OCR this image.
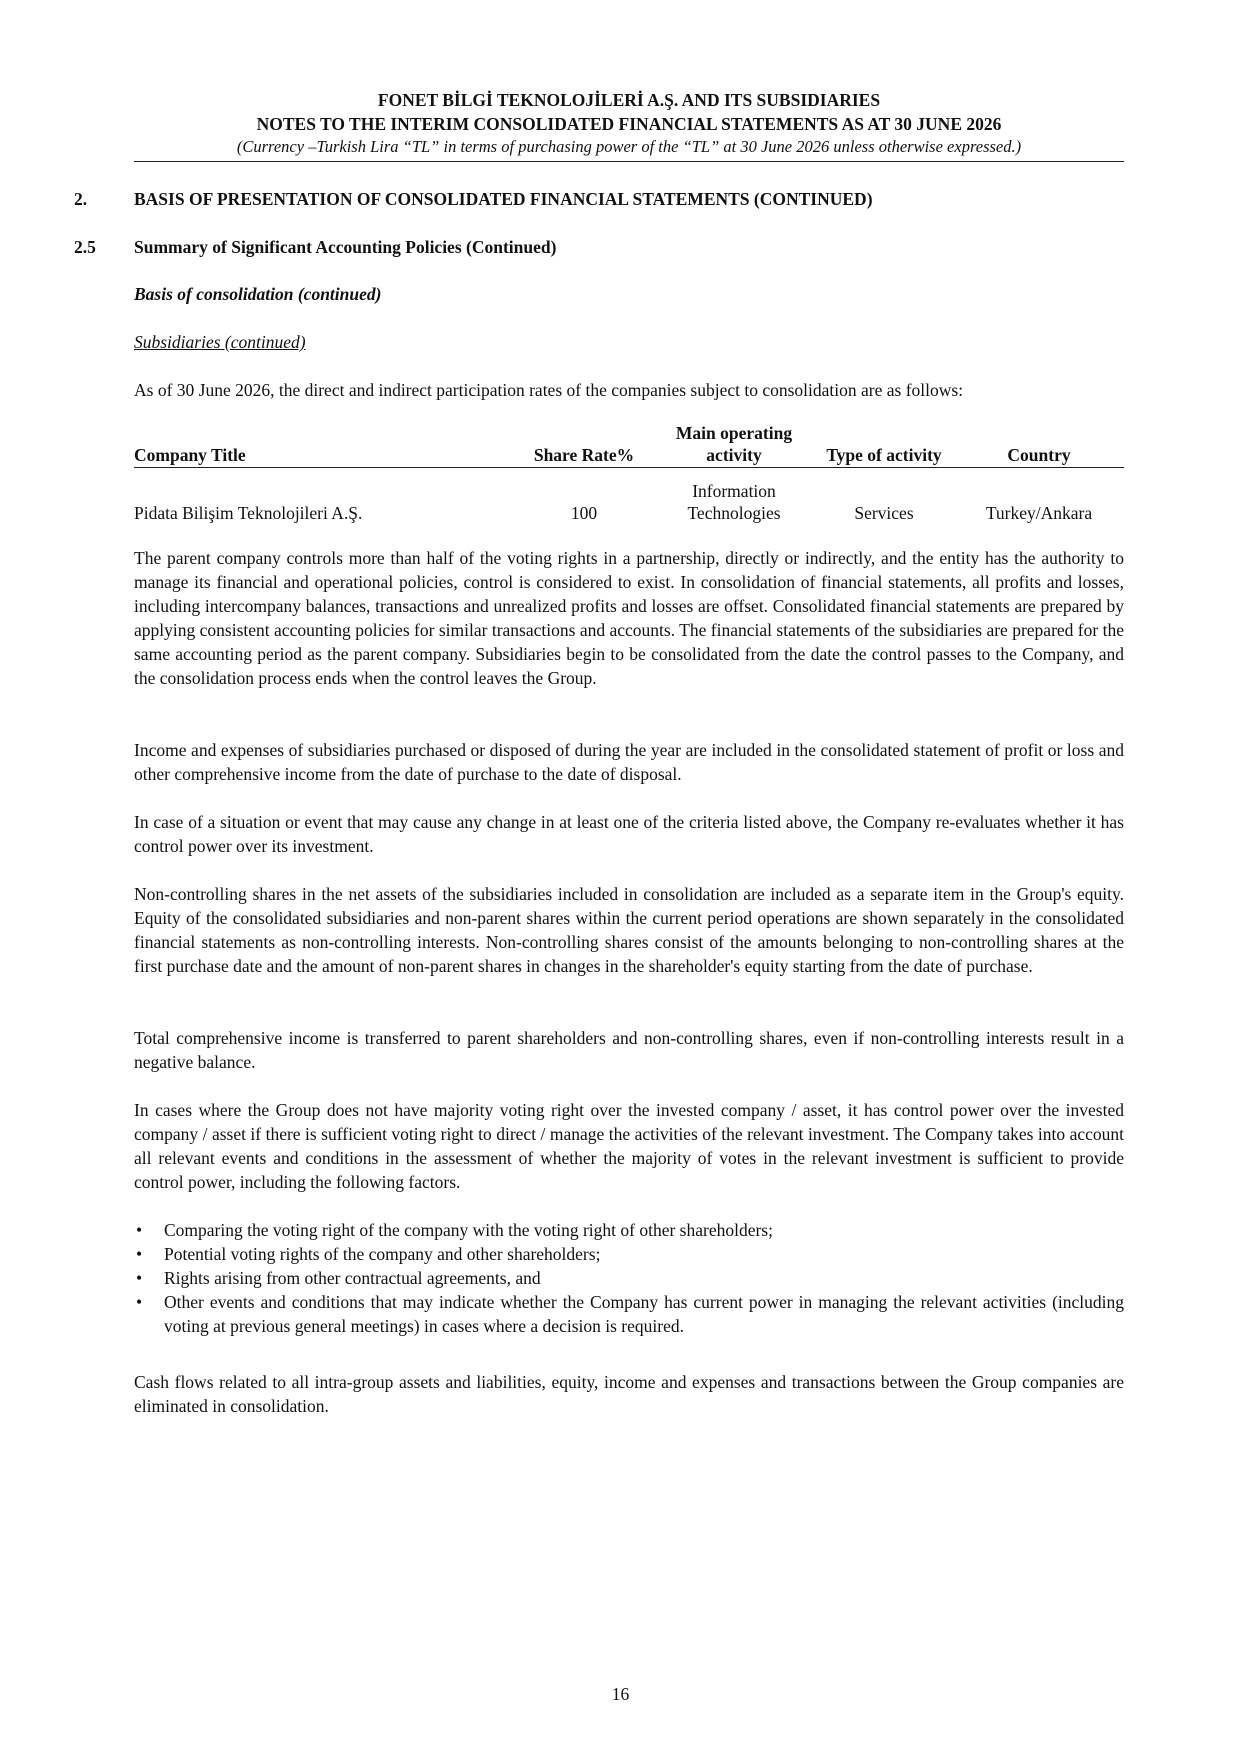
FONET BİLGİ TEKNOLOJİLERİ A.Ş. AND ITS SUBSIDIARIES
NOTES TO THE INTERIM CONSOLIDATED FINANCIAL STATEMENTS AS AT 30 JUNE 2026
(Currency –Turkish Lira “TL” in terms of purchasing power of the “TL” at 30 June 2026 unless otherwise expressed.)
2.	BASIS OF PRESENTATION OF CONSOLIDATED FINANCIAL STATEMENTS (CONTINUED)
2.5 Summary of Significant Accounting Policies (Continued)
Basis of consolidation (continued)
Subsidiaries (continued)

As of 30 June 2026, the direct and indirect participation rates of the companies subject to consolidation are as follows:

Company Title	Share Rate%	Main operating
activity	Type of activity	Country
Pidata Bilişim Teknolojileri A.Ş.	100	Information
Technologies	Services	Turkey/Ankara

The parent company controls more than half of the voting rights in a partnership, directly or indirectly, and the entity has the authority to manage its financial and operational policies, control is considered to exist. In consolidation of financial statements, all profits and losses, including intercompany balances, transactions and unrealized profits and losses are offset. Consolidated financial statements are prepared by applying consistent accounting policies for similar transactions and accounts. The financial statements of the subsidiaries are prepared for the same accounting period as the parent company. Subsidiaries begin to be consolidated from the date the control passes to the Company, and the consolidation process ends when the control leaves the Group.

Income and expenses of subsidiaries purchased or disposed of during the year are included in the consolidated statement of profit or loss and other comprehensive income from the date of purchase to the date of disposal.

In case of a situation or event that may cause any change in at least one of the criteria listed above, the Company re-evaluates whether it has control power over its investment.

Non-controlling shares in the net assets of the subsidiaries included in consolidation are included as a separate item in the Group's equity. Equity of the consolidated subsidiaries and non-parent shares within the current period operations are shown separately in the consolidated financial statements as non-controlling interests. Non-controlling shares consist of the amounts belonging to non-controlling shares at the first purchase date and the amount of non-parent shares in changes in the shareholder's equity starting from the date of purchase.

Total comprehensive income is transferred to parent shareholders and non-controlling shares, even if non-controlling interests result in a negative balance.

In cases where the Group does not have majority voting right over the invested company / asset, it has control power over the invested company / asset if there is sufficient voting right to direct / manage the activities of the relevant investment. The Company takes into account all relevant events and conditions in the assessment of whether the majority of votes in the relevant investment is sufficient to provide control power, including the following factors.

• Comparing the voting right of the company with the voting right of other shareholders;
• Potential voting rights of the company and other shareholders;
• Rights arising from other contractual agreements, and
• Other events and conditions that may indicate whether the Company has current power in managing the relevant activities (including voting at previous general meetings) in cases where a decision is required.

Cash flows related to all intra-group assets and liabilities, equity, income and expenses and transactions between the Group companies are eliminated in consolidation.

16
